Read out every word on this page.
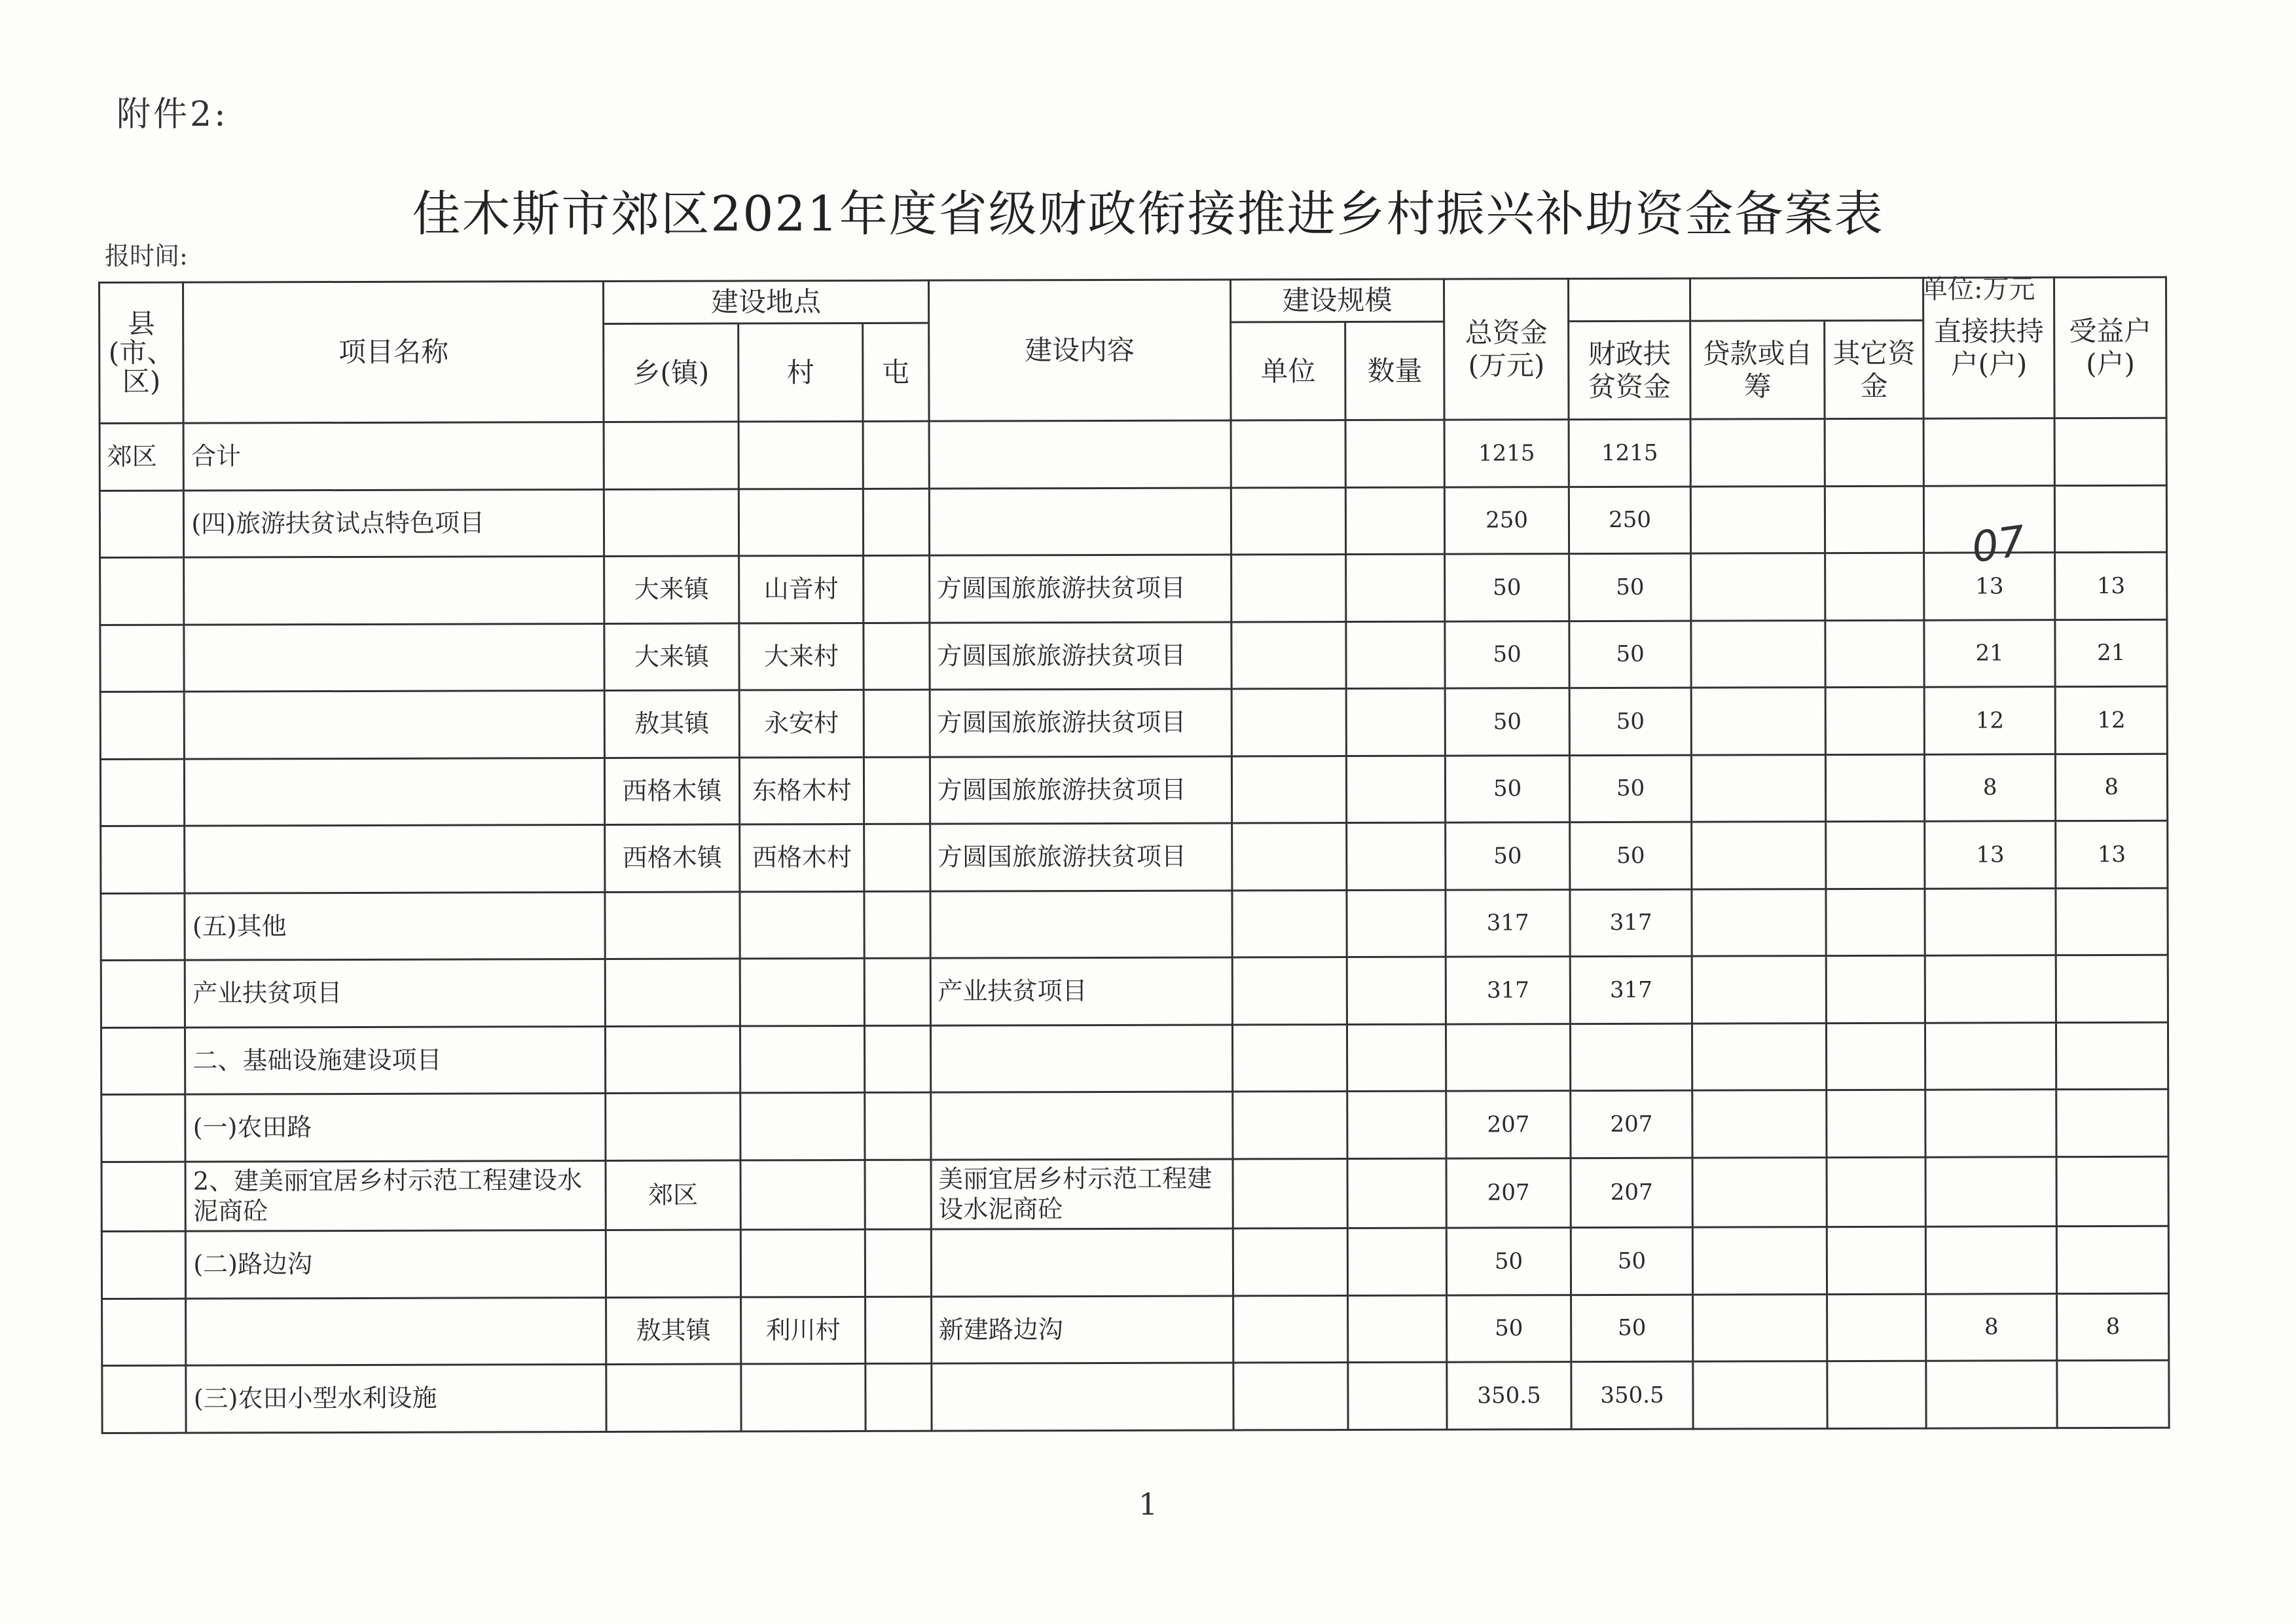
附件2:
佳木斯市郊区2021年度省级财政衔接推进乡村振兴补助资金备案表
报时间:
单位:万元
07
县(市、区)	项目名称	建设地点			建设内容	建设规模		总资金(万元)				直接扶持户(户)	受益户(户)
		乡(镇)	村	屯		单位	数量		财政扶贫资金	贷款或自筹	其它资金		
郊区	合计							1215	1215				
	(四)旅游扶贫试点特色项目							250	250				
		大来镇	山音村		方圆国旅旅游扶贫项目			50	50			13	13
		大来镇	大来村		方圆国旅旅游扶贫项目			50	50			21	21
		敖其镇	永安村		方圆国旅旅游扶贫项目			50	50			12	12
		西格木镇	东格木村		方圆国旅旅游扶贫项目			50	50			8	8
		西格木镇	西格木村		方圆国旅旅游扶贫项目			50	50			13	13
	(五)其他							317	317				
	产业扶贫项目				产业扶贫项目			317	317				
	二、基础设施建设项目												
	(一)农田路							207	207				
	2、建美丽宜居乡村示范工程建设水泥商砼	郊区			美丽宜居乡村示范工程建设水泥商砼			207	207				
	(二)路边沟							50	50				
		敖其镇	利川村		新建路边沟			50	50			8	8
	(三)农田小型水利设施							350.5	350.5				
1
